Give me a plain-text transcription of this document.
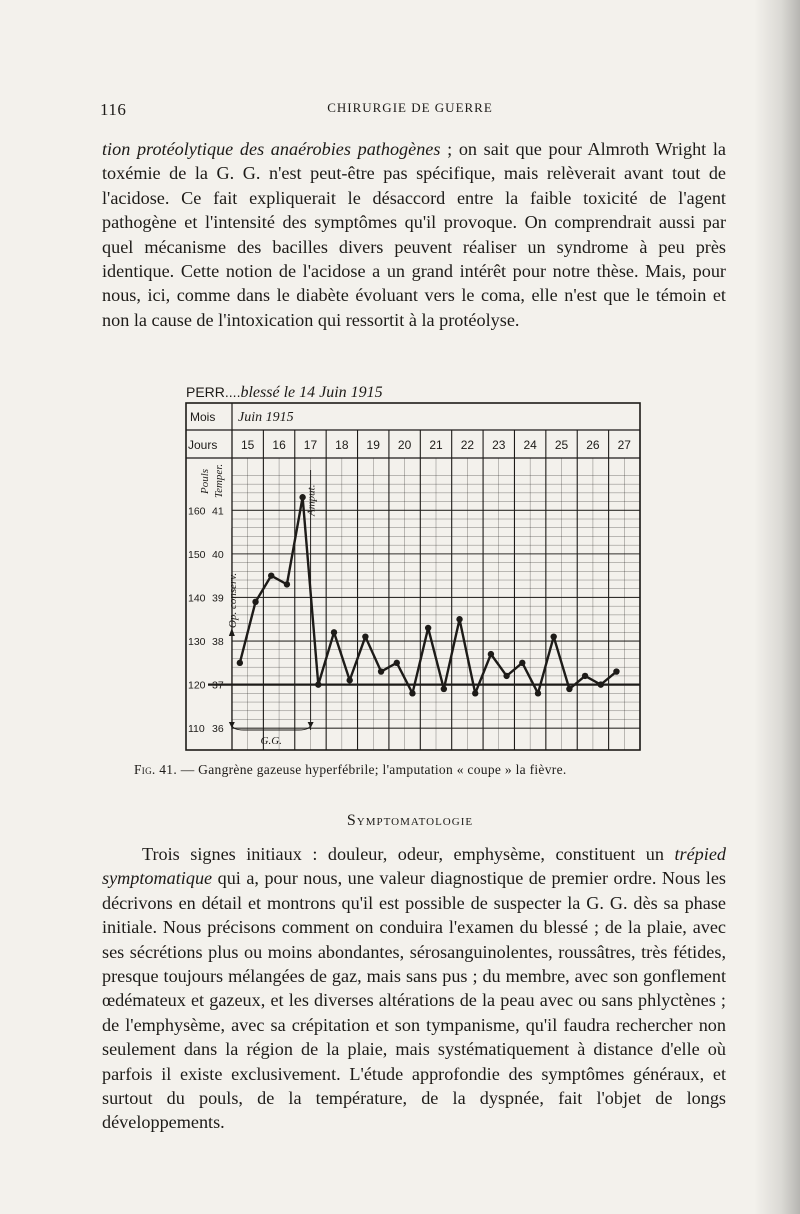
116	CHIRURGIE DE GUERRE

tion protéolytique des anaérobies pathogènes ; on sait que pour Almroth Wright la toxémie de la G. G. n'est peut-être pas spécifique, mais relèverait avant tout de l'acidose. Ce fait expliquerait le désaccord entre la faible toxicité de l'agent pathogène et l'intensité des symptômes qu'il provoque. On comprendrait aussi par quel mécanisme des bacilles divers peuvent réaliser un syndrome à peu près identique. Cette notion de l'acidose a un grand intérêt pour notre thèse. Mais, pour nous, ici, comme dans le diabète évoluant vers le coma, elle n'est que le témoin et non la cause de l'intoxication qui ressortit à la protéolyse.

PERR....blessé le 14 Juin 1915
Mois Juin 1915
Jours 15 16 17 18 19 20 21 22 23 24 25 26 27
Pouls Temper.
160 41
150 40
140 39
130 38
120 37
110 36
Op. conserv.
Amput.
G.G.
Fig. 41. — Gangrène gazeuse hyperfébrile; l'amputation « coupe » la fièvre.
Symptomatologie

Trois signes initiaux : douleur, odeur, emphysème, constituent un trépied symptomatique qui a, pour nous, une valeur diagnostique de premier ordre. Nous les décrivons en détail et montrons qu'il est possible de suspecter la G. G. dès sa phase initiale. Nous précisons comment on conduira l'examen du blessé ; de la plaie, avec ses sécrétions plus ou moins abondantes, sérosanguinolentes, roussâtres, très fétides, presque toujours mélangées de gaz, mais sans pus ; du membre, avec son gonflement œdémateux et gazeux, et les diverses altérations de la peau avec ou sans phlyctènes ; de l'emphysème, avec sa crépitation et son tympanisme, qu'il faudra rechercher non seulement dans la région de la plaie, mais systématiquement à distance d'elle où parfois il existe exclusivement. L'étude approfondie des symptômes généraux, et surtout du pouls, de la température, de la dyspnée, fait l'objet de longs développements.
